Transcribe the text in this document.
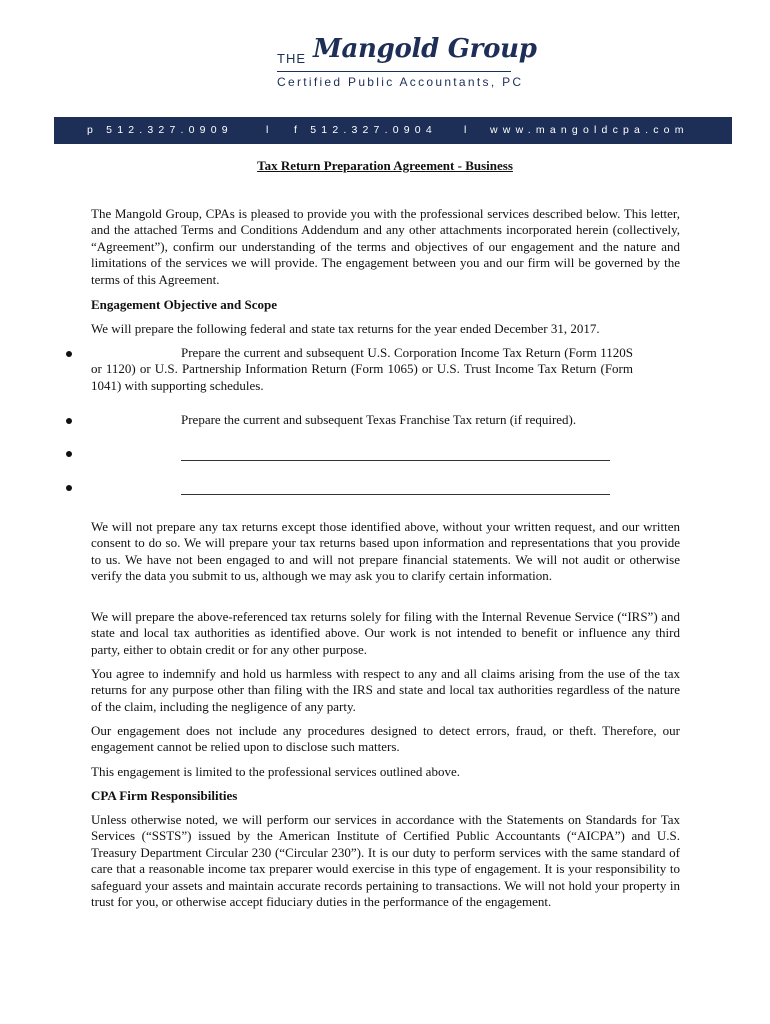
THE Mangold Group
Certified Public Accountants, PC
p 512.327.0909	l f 512.327.0904	l www.mangoldcpa.com
Tax Return Preparation Agreement - Business

The Mangold Group, CPAs is pleased to provide you with the professional services described below. This letter, and the attached Terms and Conditions Addendum and any other attachments incorporated herein (collectively, “Agreement”), confirm our understanding of the terms and objectives of our engagement and the nature and limitations of the services we will provide. The engagement between you and our firm will be governed by the terms of this Agreement.

Engagement Objective and Scope

We will prepare the following federal and state tax returns for the year ended December 31, 2017.

Prepare the current and subsequent U.S. Corporation Income Tax Return (Form 1120S or 1120) or U.S. Partnership Information Return (Form 1065) or U.S. Trust Income Tax Return (Form 1041) with supporting schedules.

Prepare the current and subsequent Texas Franchise Tax return (if required).

We will not prepare any tax returns except those identified above, without your written request, and our written consent to do so. We will prepare your tax returns based upon information and representations that you provide to us. We have not been engaged to and will not prepare financial statements. We will not audit or otherwise verify the data you submit to us, although we may ask you to clarify certain information.

We will prepare the above-referenced tax returns solely for filing with the Internal Revenue Service (“IRS”) and state and local tax authorities as identified above. Our work is not intended to benefit or influence any third party, either to obtain credit or for any other purpose.

You agree to indemnify and hold us harmless with respect to any and all claims arising from the use of the tax returns for any purpose other than filing with the IRS and state and local tax authorities regardless of the nature of the claim, including the negligence of any party.

Our engagement does not include any procedures designed to detect errors, fraud, or theft. Therefore, our engagement cannot be relied upon to disclose such matters.

This engagement is limited to the professional services outlined above.

CPA Firm Responsibilities

Unless otherwise noted, we will perform our services in accordance with the Statements on Standards for Tax Services (“SSTS”) issued by the American Institute of Certified Public Accountants (“AICPA”) and U.S. Treasury Department Circular 230 (“Circular 230”). It is our duty to perform services with the same standard of care that a reasonable income tax preparer would exercise in this type of engagement. It is your responsibility to safeguard your assets and maintain accurate records pertaining to transactions. We will not hold your property in trust for you, or otherwise accept fiduciary duties in the performance of the engagement.
